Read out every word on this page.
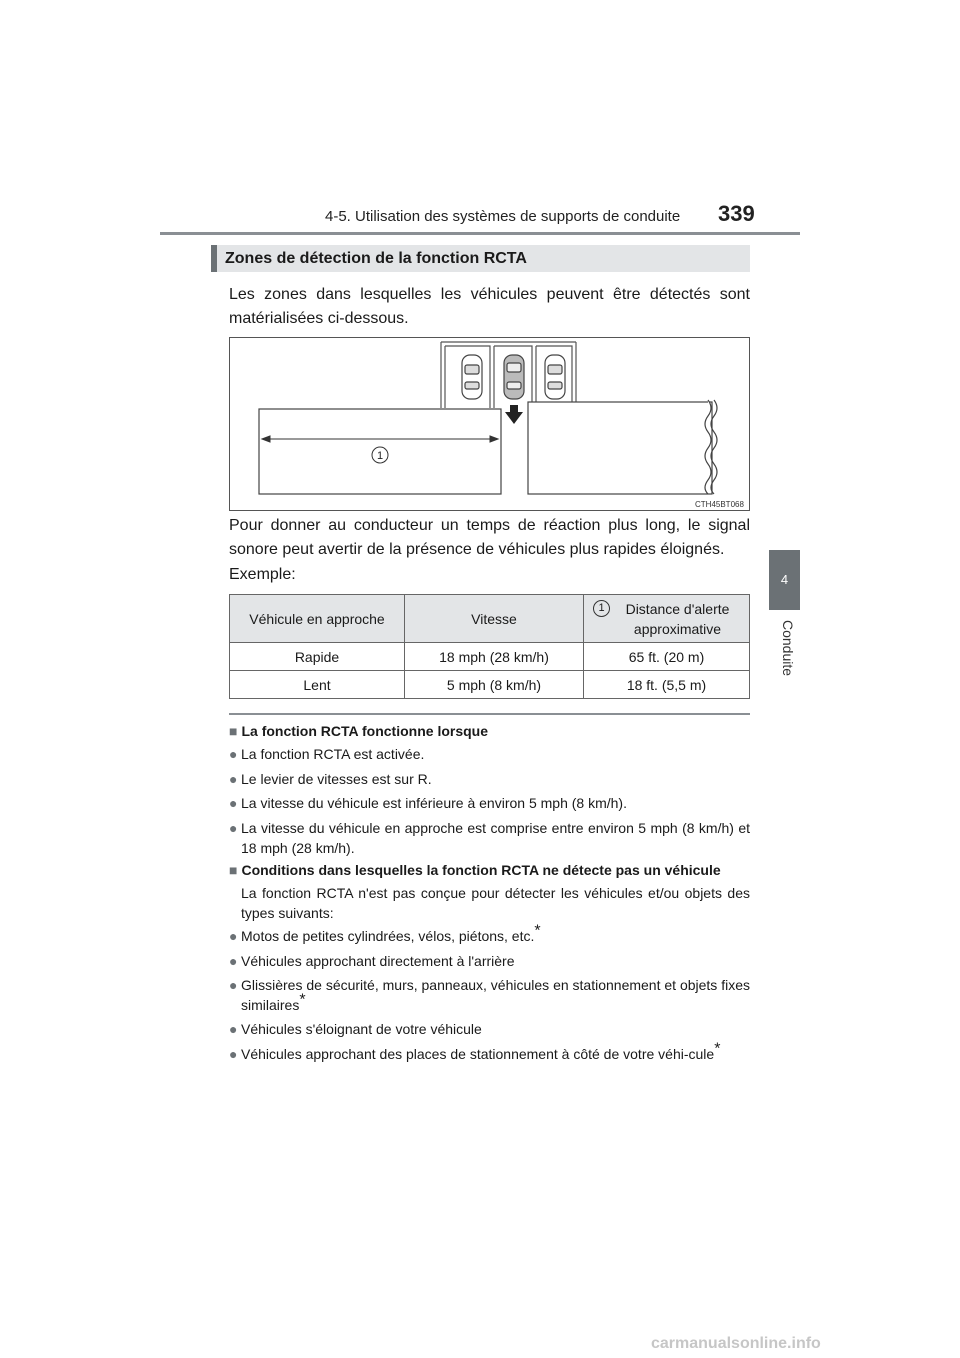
4-5. Utilisation des systèmes de supports de conduite 339
4
Conduite
Zones de détection de la fonction RCTA
Les zones dans lesquelles les véhicules peuvent être détectés sont matérialisées ci-dessous.
1
CTH45BT068
Pour donner au conducteur un temps de réaction plus long, le signal sonore peut avertir de la présence de véhicules plus rapides éloignés.
Exemple:
Véhicule en approche	Vitesse	1 Distance d'alerte approximative

Rapide	18 mph (28 km/h)	65 ft. (20 m)
Lent	5 mph (8 km/h)	18 ft. (5,5 m)
■ La fonction RCTA fonctionne lorsque
● La fonction RCTA est activée.
● Le levier de vitesses est sur R.
● La vitesse du véhicule est inférieure à environ 5 mph (8 km/h).
● La vitesse du véhicule en approche est comprise entre environ 5 mph (8 km/h) et 18 mph (28 km/h).
■ Conditions dans lesquelles la fonction RCTA ne détecte pas un véhicule
La fonction RCTA n'est pas conçue pour détecter les véhicules et/ou objets des types suivants:
● Motos de petites cylindrées, vélos, piétons, etc.*
● Véhicules approchant directement à l'arrière
● Glissières de sécurité, murs, panneaux, véhicules en stationnement et objets fixes similaires*
● Véhicules s'éloignant de votre véhicule
● Véhicules approchant des places de stationnement à côté de votre véhi-cule*
carmanualsonline.info
